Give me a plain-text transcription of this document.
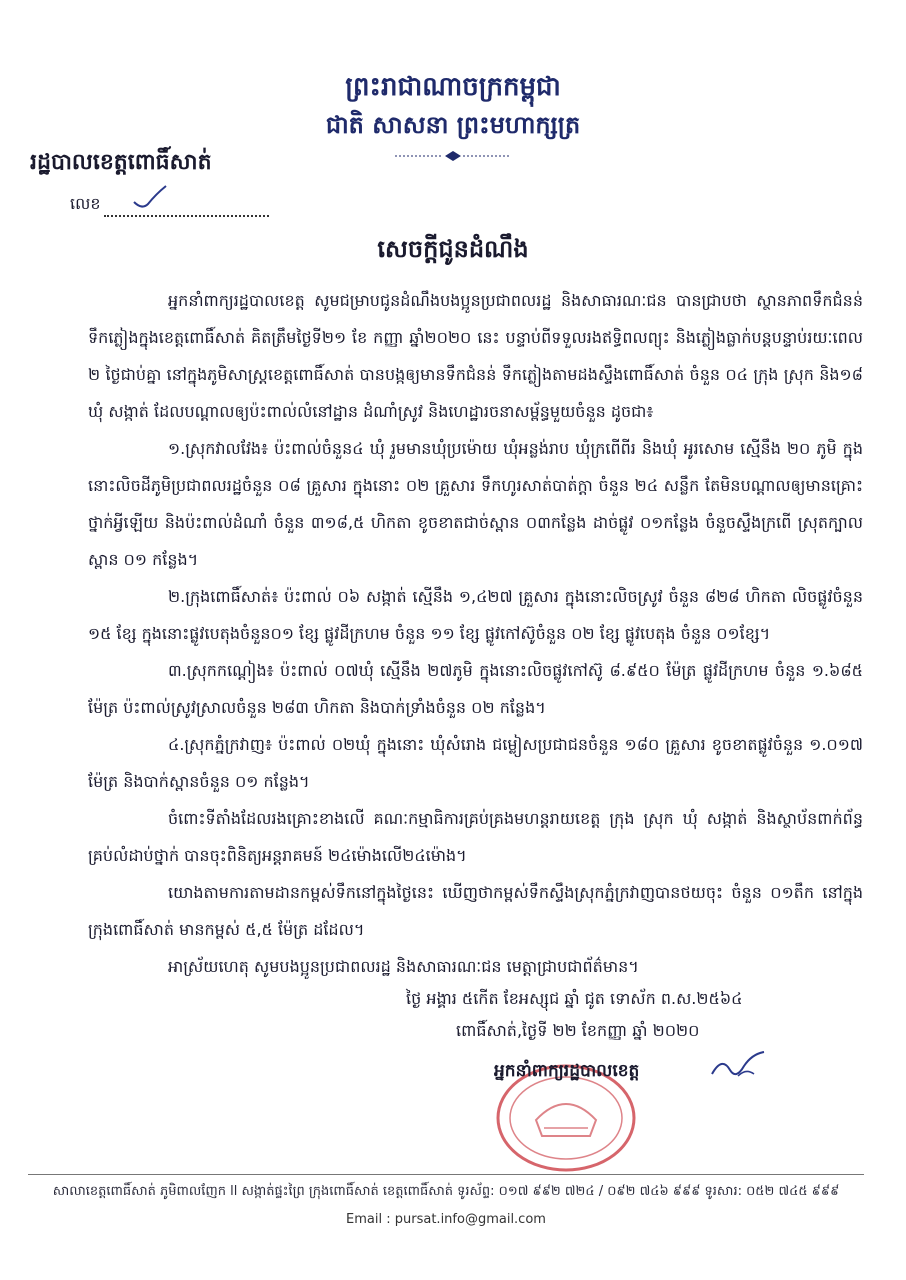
ព្រះរាជាណាចក្រកម្ពុជា
ជាតិ សាសនា ព្រះមហាក្សត្រ
រដ្ឋបាលខេត្តពោធិ៍សាត់
លេខ
សេចក្តីជូនដំណឹង

អ្នកនាំពាក្យរដ្ឋបាលខេត្ត សូមជម្រាបជូនដំណឹងបងប្អូនប្រជាពលរដ្ឋ និងសាធារណៈជន បានជ្រាបថា ស្ថានភាពទឹកជំនន់ ទឹកភ្លៀងក្នុងខេត្តពោធិ៍សាត់ គិតត្រឹមថ្ងៃទី២១ ខែ កញ្ញា ឆ្នាំ២០២០ នេះ បន្ទាប់ពីទទួលរងឥទ្ធិពលព្យុះ និងភ្លៀងធ្លាក់បន្តបន្ទាប់រយៈពេល ២ ថ្ងៃជាប់គ្នា នៅក្នុងភូមិសាស្ត្រខេត្តពោធិ៍សាត់ បានបង្កឲ្យមានទឹកជំនន់ ទឹកភ្លៀងតាមដងស្ទឹងពោធិ៍សាត់ ចំនួន ០៤ ក្រុង ស្រុក និង១៨ ឃុំ សង្កាត់ ដែលបណ្តាលឲ្យប៉ះពាល់លំនៅដ្ឋាន ដំណាំស្រូវ និងហេដ្ឋារចនាសម្ព័ន្ធមួយចំនួន ដូចជា៖

១.ស្រុកវាលវែង៖ ប៉ះពាល់ចំនួន៤ ឃុំ រួមមានឃុំប្រម៉ោយ ឃុំអន្លង់រាប ឃុំក្រពើពីរ និងឃុំ អូរសោម ស្មើនឹង ២០ ភូមិ ក្នុងនោះលិចដីភូមិប្រជាពលរដ្ឋចំនួន ០៨ គ្រួសារ ក្នុងនោះ ០២ គ្រួសារ ទឹកហូរសាត់បាត់ក្តា ចំនួន ២៤ សន្លឹក តែមិនបណ្តាលឲ្យមានគ្រោះថ្នាក់អ្វីឡើយ និងប៉ះពាល់ដំណាំ ចំនួន ៣១៨,៥ ហិកតា ខូចខាតជាច់ស្ពាន ០៣កន្លែង ដាច់ផ្លូវ ០១កន្លែង ចំនួចស្ទឹងក្រពើ ស្រុតក្បាលស្ពាន ០១ កន្លែង។

២.ក្រុងពោធិ៍សាត់៖ ប៉ះពាល់ ០៦ សង្កាត់ ស្មើនឹង ១,៤២៧ គ្រួសារ ក្នុងនោះលិចស្រូវ ចំនួន ៨២៨ ហិកតា លិចផ្លូវចំនួន ១៥ ខ្សែ ក្នុងនោះផ្លូវបេតុងចំនួន០១ ខ្សែ ផ្លូវដីក្រហម ចំនួន ១១ ខ្សែ ផ្លូវកៅស៊ូចំនួន ០២ ខ្សែ ផ្លូវបេតុង ចំនួន ០១ខ្សែ។

៣.ស្រុកកណ្តៀង៖ ប៉ះពាល់ ០៧ឃុំ ស្មើនឹង ២៧ភូមិ ក្នុងនោះលិចផ្លូវកៅស៊ូ ៨.៩៥០ ម៉ែត្រ ផ្លូវដីក្រហម ចំនួន ១.៦៨៥ ម៉ែត្រ ប៉ះពាល់ស្រូវស្រាលចំនួន ២៨៣ ហិកតា និងបាក់ទ្រាំងចំនួន ០២ កន្លែង។

៤.ស្រុកភ្នំក្រវាញ៖ ប៉ះពាល់ ០២ឃុំ ក្នុងនោះ ឃុំសំរោង ជម្លៀសប្រជាជនចំនួន ១៨០ គ្រួសារ ខូចខាតផ្លូវចំនួន ១.០១៧ ម៉ែត្រ និងបាក់ស្ពានចំនួន ០១ កន្លែង។

ចំពោះទីតាំងដែលរងគ្រោះខាងលើ គណៈកម្មាធិការគ្រប់គ្រងមហន្តរាយខេត្ត ក្រុង ស្រុក ឃុំ សង្កាត់ និងស្ថាប័នពាក់ព័ន្ធគ្រប់លំដាប់ថ្នាក់ បានចុះពិនិត្យអន្តរាគមន៍ ២៤ម៉ោងលើ២៤ម៉ោង។

យោងតាមការតាមដានកម្ពស់ទឹកនៅក្នុងថ្ងៃនេះ ឃើញថាកម្ពស់ទឹកស្ទឹងស្រុកភ្នំក្រវាញបានថយចុះ ចំនួន ០១តឹក នៅក្នុងក្រុងពោធិ៍សាត់ មានកម្ពស់ ៥,៥ ម៉ែត្រ ដដែល។

អាស្រ័យហេតុ សូមបងប្អូនប្រជាពលរដ្ឋ និងសាធារណៈជន មេត្តាជ្រាបជាព័ត៌មាន។

ថ្ងៃ អង្គារ ៥កើត ខែអស្សុជ ឆ្នាំ ជូត ទោស័ក ព.ស.២៥៦៤
ពោធិ៍សាត់,ថ្ងៃទី ២២ ខែកញ្ញា ឆ្នាំ ២០២០
អ្នកនាំពាក្យរដ្ឋបាលខេត្ត
សាលាខេត្តពោធិ៍សាត់ ភូមិពាលញែក ll សង្កាត់ផ្ទះព្រៃ ក្រុងពោធិ៍សាត់ ខេត្តពោធិ៍សាត់ ទូរស័ព្ទ: ០១៧ ៩៩២ ៧២៤ / ០៩២ ៧៤៦ ៩៩៩ ទូរសារ: ០៥២ ៧៤៥ ៩៩៩
Email : pursat.info@gmail.com
